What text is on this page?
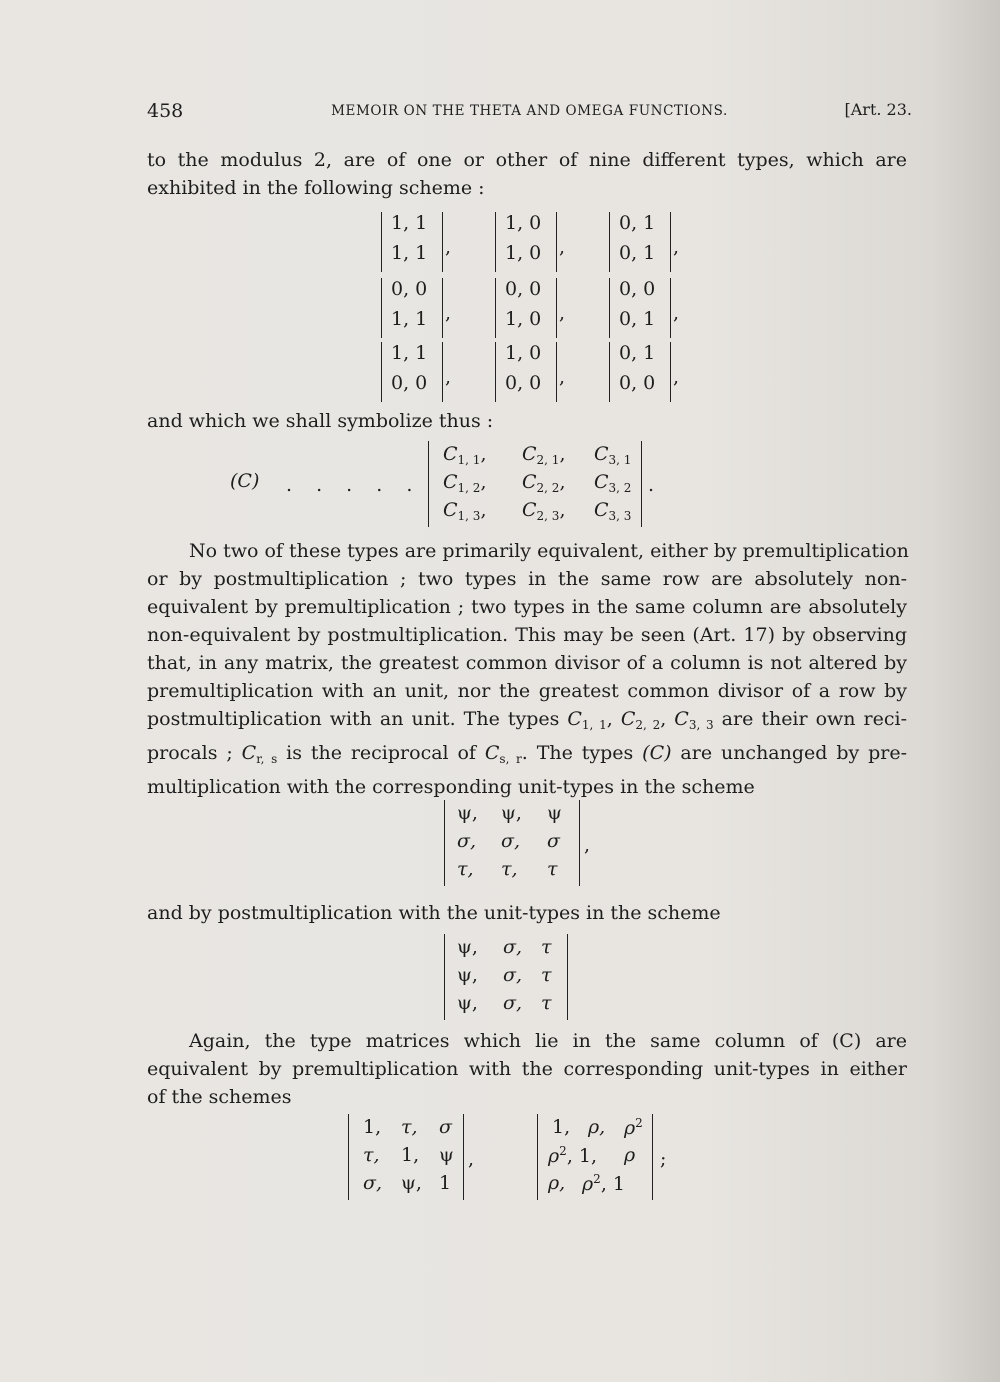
458	MEMOIR ON THE THETA AND OMEGA FUNCTIONS.	[Art. 23.
to the modulus 2, are of one or other of nine different types, which are
exhibited in the following scheme :
1, 1
1, 1 ,
1, 0
1, 0 ,
0, 1
0, 1 ,
0, 0
1, 1 ,
0, 0
1, 0 ,
0, 0
0, 1 ,
1, 1
0, 0 ,
1, 0
0, 0 ,
0, 1
0, 0 ,
and which we shall symbolize thus :
(C) . . . . .
$C_{1, 1}$, $C_{2, 1}$, $C_{3, 1}$
$C_{1, 2}$, $C_{2, 2}$, $C_{3, 2}$
$C_{1, 3}$, $C_{2, 3}$, $C_{3, 3}$
.
No two of these types are primarily equivalent, either by premultiplication
or by postmultiplication ; two types in the same row are absolutely non-
equivalent by premultiplication ; two types in the same column are absolutely
non-equivalent by postmultiplication. This may be seen (Art. 17) by observing
that, in any matrix, the greatest common divisor of a column is not altered by
premultiplication with an unit, nor the greatest common divisor of a row by
postmultiplication with an unit. The types $C_{1, 1}$, $C_{2, 2}$, $C_{3, 3}$ are their own reci-
procals ; $C_{r, s}$ is the reciprocal of $C_{s, r}$. The types (C) are unchanged by pre-
multiplication with the corresponding unit-types in the scheme
ψ, ψ, ψ
σ, σ, σ
τ, τ, τ
,
and by postmultiplication with the unit-types in the scheme
ψ, σ, τ
ψ, σ, τ
ψ, σ, τ
Again, the type matrices which lie in the same column of (C) are
equivalent by premultiplication with the corresponding unit-types in either
of the schemes
1, τ, σ
τ, 1, ψ
σ, ψ, 1
,
1, ρ, $\rho^2$
$\rho^2$, 1, ρ
ρ, $\rho^2$, 1
;
